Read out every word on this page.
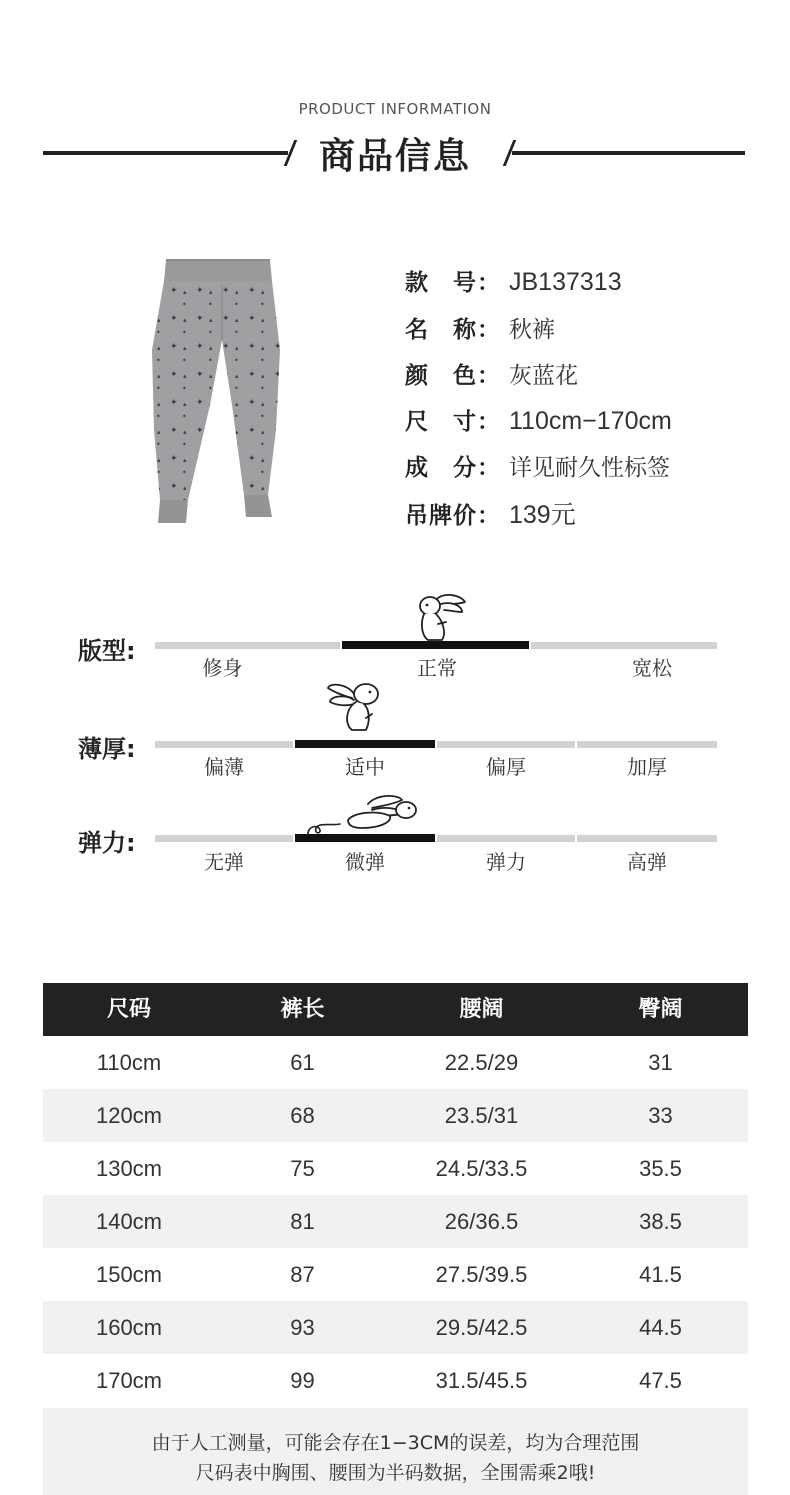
PRODUCT INFORMATION
商品信息
款　号： JB137313
名　称： 秋裤
颜　色： 灰蓝花
尺　寸： 110cm−170cm
成　分： 详见耐久性标签
吊牌价： 139元
版型:
修身	正常	宽松
薄厚:
偏薄	适中	偏厚	加厚
弹力:
无弹	微弹	弹力	高弹
尺码	裤长	腰阔	臀阔
110cm	61	22.5/29	31
120cm	68	23.5/31	33
130cm	75	24.5/33.5	35.5
140cm	81	26/36.5	38.5
150cm	87	27.5/39.5	41.5
160cm	93	29.5/42.5	44.5
170cm	99	31.5/45.5	47.5
由于人工测量，可能会存在1−3CM的误差，均为合理范围
尺码表中胸围、腰围为半码数据，全围需乘2哦!
